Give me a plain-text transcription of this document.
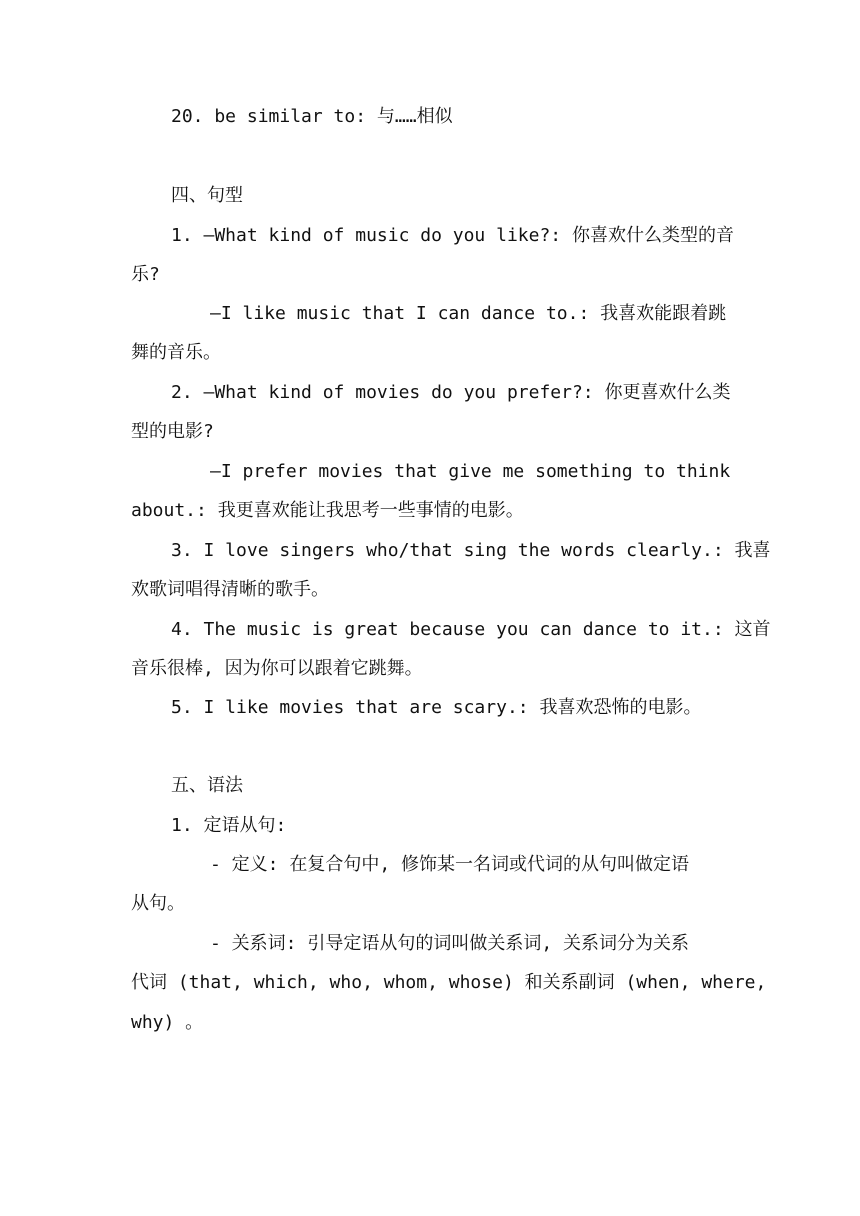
20. be similar to: 与……相似
四、句型
1. —What kind of music do you like?: 你喜欢什么类型的音
乐?
—I like music that I can dance to.: 我喜欢能跟着跳
舞的音乐。
2. —What kind of movies do you prefer?: 你更喜欢什么类
型的电影?
—I prefer movies that give me something to think
about.: 我更喜欢能让我思考一些事情的电影。
3. I love singers who/that sing the words clearly.: 我喜
欢歌词唱得清晰的歌手。
4. The music is great because you can dance to it.: 这首
音乐很棒, 因为你可以跟着它跳舞。
5. I like movies that are scary.: 我喜欢恐怖的电影。
五、语法
1. 定语从句:
- 定义: 在复合句中, 修饰某一名词或代词的从句叫做定语
从句。
- 关系词: 引导定语从句的词叫做关系词, 关系词分为关系
代词 (that, which, who, whom, whose) 和关系副词 (when, where,
why) 。
